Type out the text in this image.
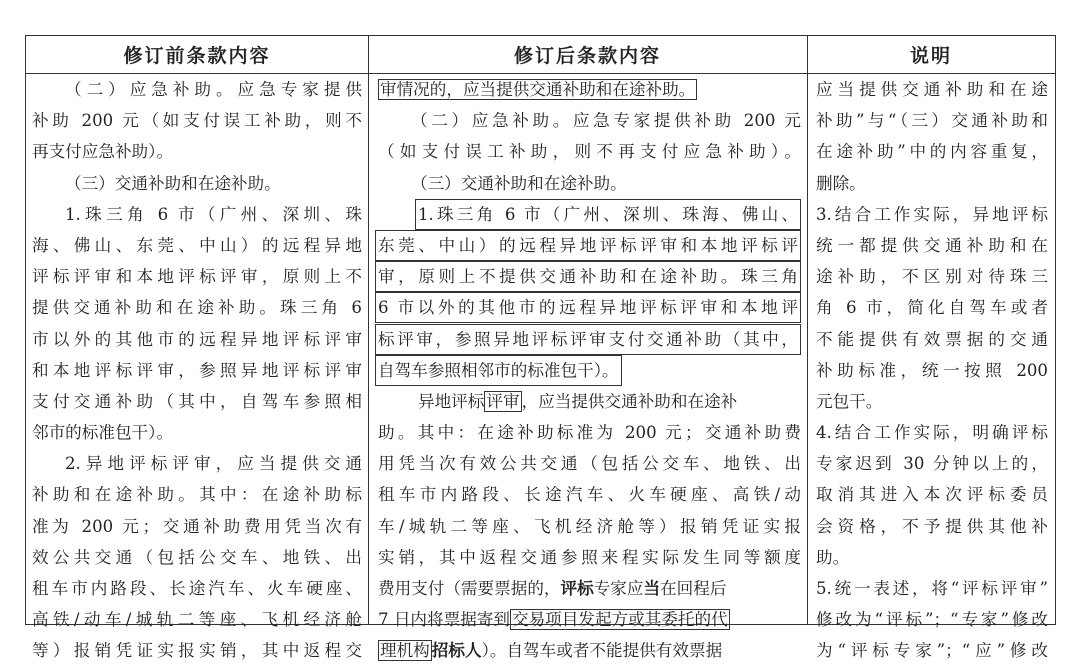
修订前条款内容	修订后条款内容	说明
（二）应急补助。应急专家提供
补助 200 元（如支付误工补助，则不
再支付应急补助）。
（三）交通补助和在途补助。
1.珠三角 6 市（广州、深圳、珠
海、佛山、东莞、中山）的远程异地
评标评审和本地评标评审，原则上不
提供交通补助和在途补助。珠三角 6
市以外的其他市的远程异地评标评审
和本地评标评审，参照异地评标评审
支付交通补助（其中，自驾车参照相
邻市的标准包干）。
2.异地评标评审，应当提供交通
补助和在途补助。其中：在途补助标
准为 200 元；交通补助费用凭当次有
效公共交通（包括公交车、地铁、出
租车市内路段、长途汽车、火车硬座、
高铁/动车/城轨二等座、飞机经济舱
等）报销凭证实报实销，其中返程交
审情况的，应当提供交通补助和在途补助。
（二）应急补助。应急专家提供补助 200 元
（如支付误工补助，则不再支付应急补助）。
（三）交通补助和在途补助。
1.珠三角 6 市（广州、深圳、珠海、佛山、
东莞、中山）的远程异地评标评审和本地评标评
审，原则上不提供交通补助和在途补助。珠三角
6 市以外的其他市的远程异地评标评审和本地评
标评审，参照异地评标评审支付交通补助（其中，
自驾车参照相邻市的标准包干）。
异地评标 评审 ，应当提供交通补助和在途补
助。其中：在途补助标准为 200 元；交通补助费
用凭当次有效公共交通（包括公交车、地铁、出
租车市内路段、长途汽车、火车硬座、高铁/动
车/城轨二等座、飞机经济舱等）报销凭证实报
实销，其中返程交通参照来程实际发生同等额度
费用支付（需要票据的，评标专家应当在回程后
7 日内将票据寄到 交易项目发起方或其委托的代
理机构 招标人）。自驾车或者不能提供有效票据
应当提供交通补助和在途
补助”与“（三）交通补助和
在途补助”中的内容重复，
删除。
3.结合工作实际，异地评标
统一都提供交通补助和在
途补助，不区别对待珠三
角 6 市，简化自驾车或者
不能提供有效票据的交通
补助标准，统一按照 200
元包干。
4.结合工作实际，明确评标
专家迟到 30 分钟以上的，
取消其进入本次评标委员
会资格，不予提供其他补
助。
5.统一表述，将“评标评审”
修改为“评标”；“专家”修改
为“评标专家”；“应”修改
